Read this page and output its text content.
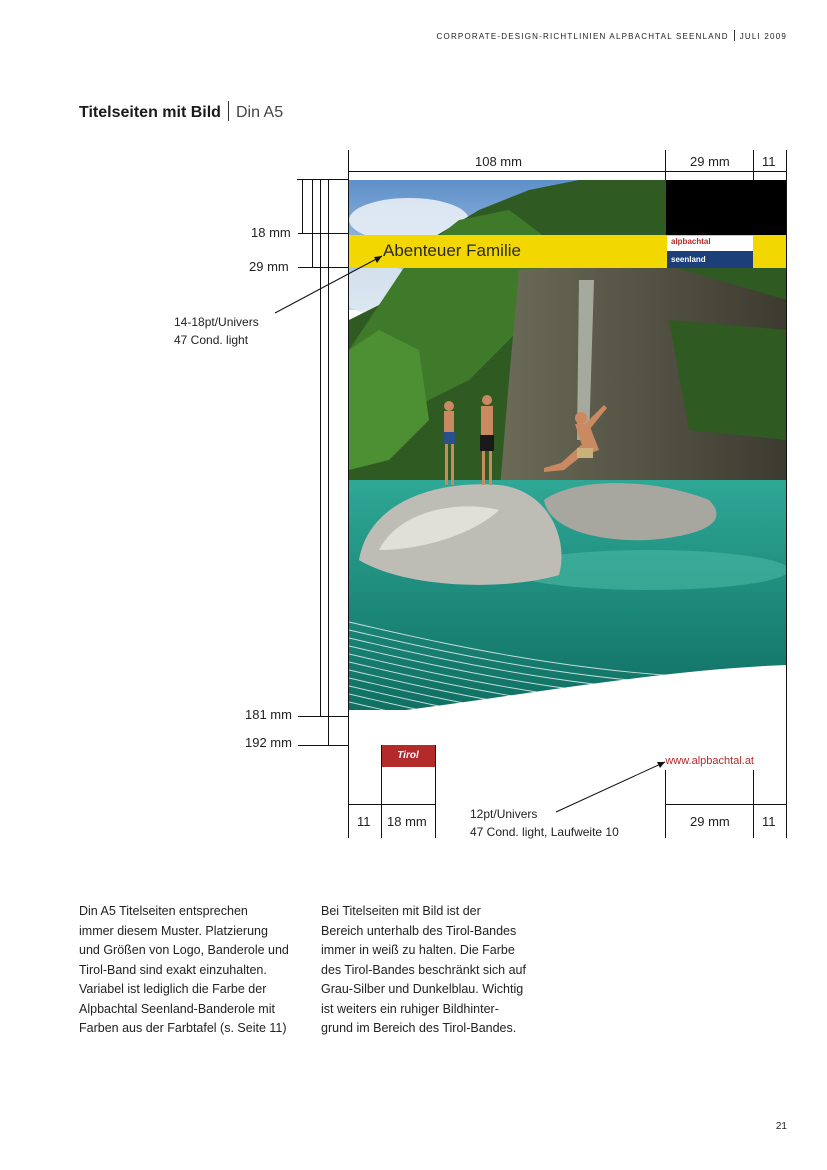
CORPORATE-DESIGN-RICHTLINIEN ALPBACHTAL SEENLAND JULI 2009
Titelseiten mit Bild Din A5
Abenteuer Familie	alpbachtal
seenland
Tirol	www.alpbachtal.at
108 mm	29 mm 11
18 mm
29 mm
181 mm
192 mm
11 18 mm	29 mm 11
14-18pt/Univers
47 Cond. light
12pt/Univers
47 Cond. light, Laufweite 10
Din A5 Titelseiten entsprechen
immer diesem Muster. Platzierung
und Größen von Logo, Banderole und
Tirol-Band sind exakt einzuhalten.
Variabel ist lediglich die Farbe der
Alpbachtal Seenland-Banderole mit
Farben aus der Farbtafel (s. Seite 11)
Bei Titelseiten mit Bild ist der
Bereich unterhalb des Tirol-Bandes
immer in weiß zu halten. Die Farbe
des Tirol-Bandes beschränkt sich auf
Grau-Silber und Dunkelblau. Wichtig
ist weiters ein ruhiger Bildhinter-
grund im Bereich des Tirol-Bandes.
21
